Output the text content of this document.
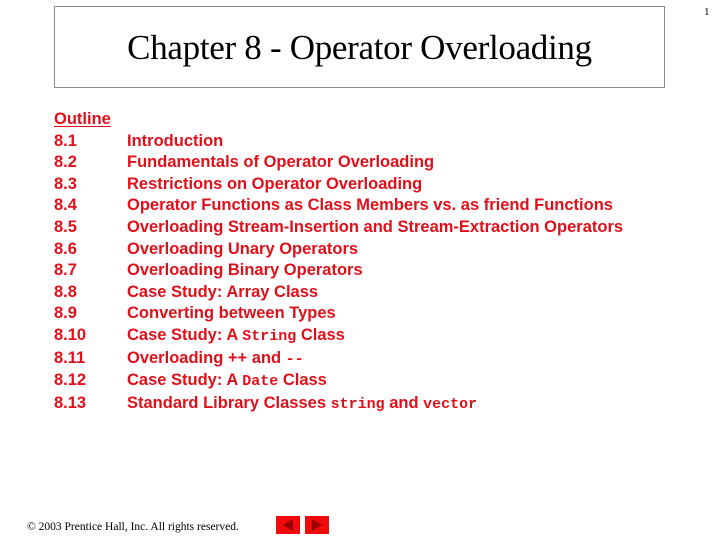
Chapter 8 - Operator Overloading
1
Outline
8.1	Introduction
8.2	Fundamentals of Operator Overloading
8.3	Restrictions on Operator Overloading
8.4	Operator Functions as Class Members vs. as friend Functions
8.5	Overloading Stream-Insertion and Stream-Extraction Operators
8.6	Overloading Unary Operators
8.7	Overloading Binary Operators
8.8	Case Study: Array Class
8.9	Converting between Types
8.10	Case Study: A String Class
8.11	Overloading ++ and --
8.12	Case Study: A Date Class
8.13	Standard Library Classes string and vector
© 2003 Prentice Hall, Inc. All rights reserved.
